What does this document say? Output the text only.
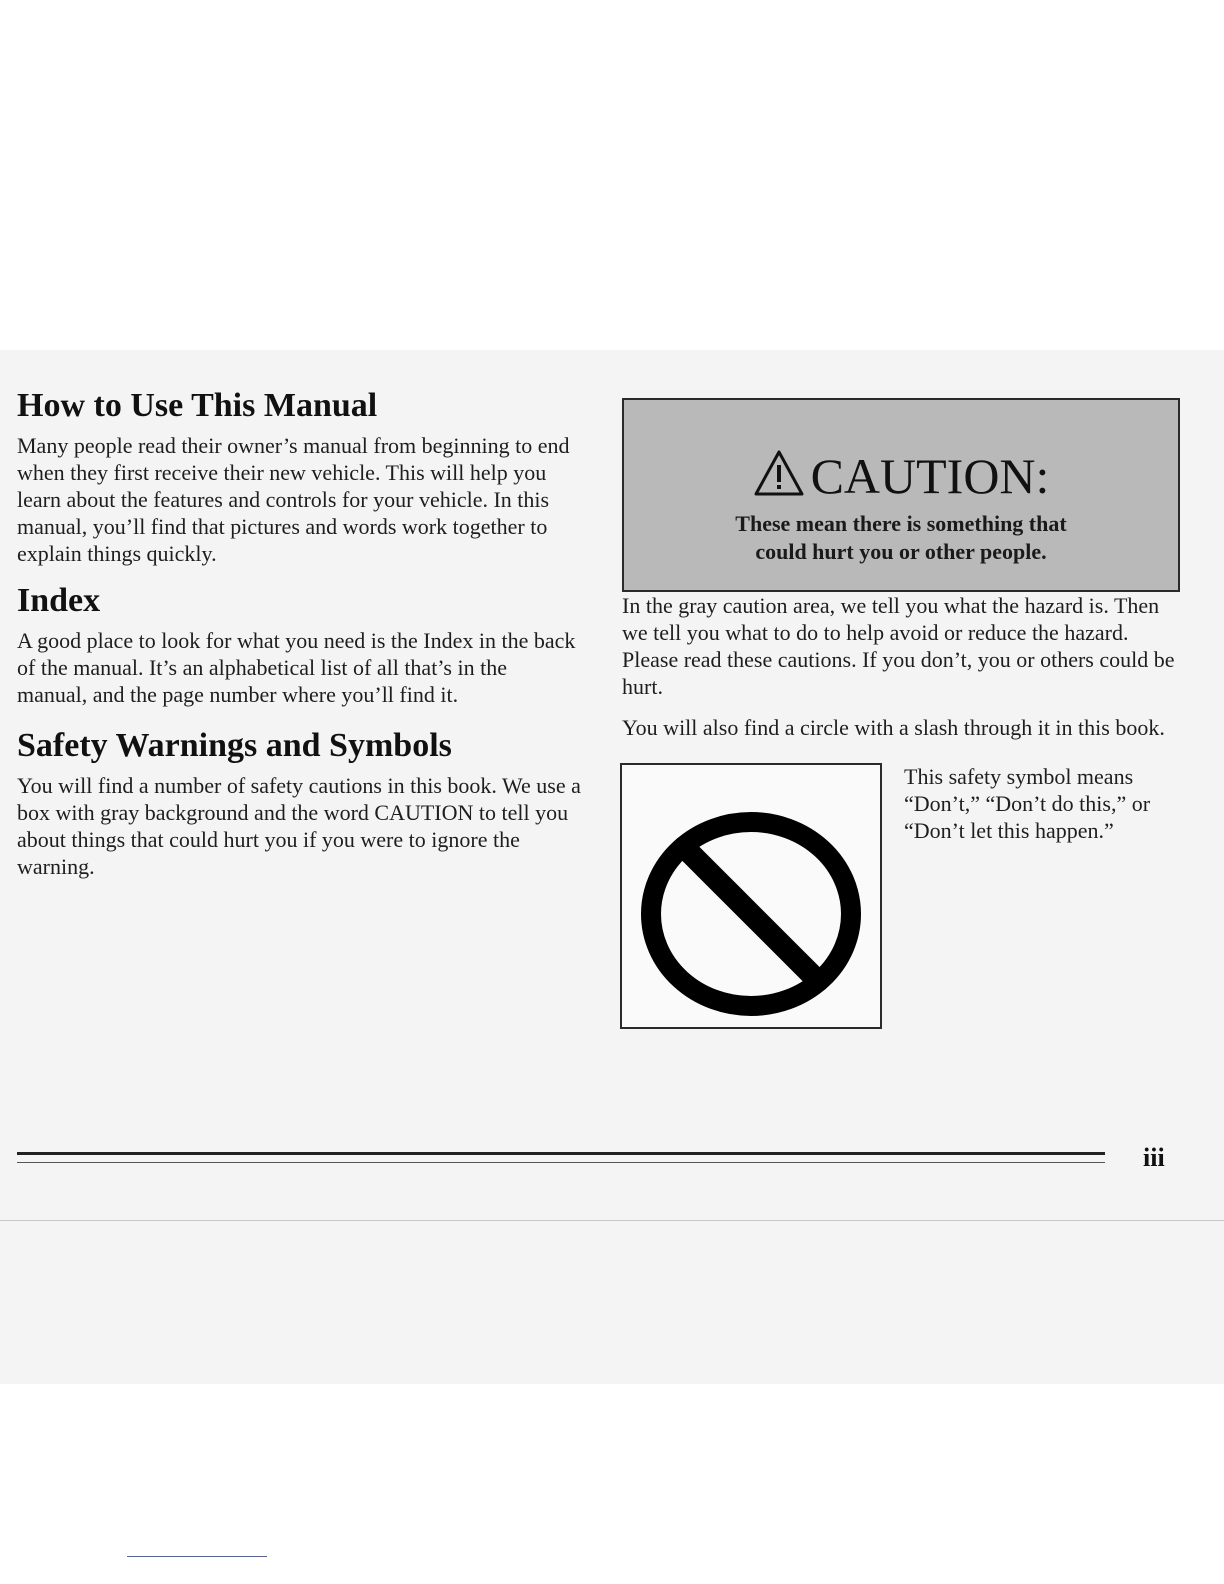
How to Use This Manual

Many people read their owner’s manual from beginning to end when they first receive their new vehicle. This will help you learn about the features and controls for your vehicle. In this manual, you’ll find that pictures and words work together to explain things quickly.

Index

A good place to look for what you need is the Index in the back of the manual. It’s an alphabetical list of all that’s in the manual, and the page number where you’ll find it.

Safety Warnings and Symbols

You will find a number of safety cautions in this book. We use a box with gray background and the word CAUTION to tell you about things that could hurt you if you were to ignore the warning.

CAUTION:
These mean there is something that
could hurt you or other people.

In the gray caution area, we tell you what the hazard is. Then we tell you what to do to help avoid or reduce the hazard. Please read these cautions. If you don’t, you or others could be hurt.

You will also find a circle with a slash through it in this book.

This safety symbol means “Don’t,” “Don’t do this,” or “Don’t let this happen.”

iii
